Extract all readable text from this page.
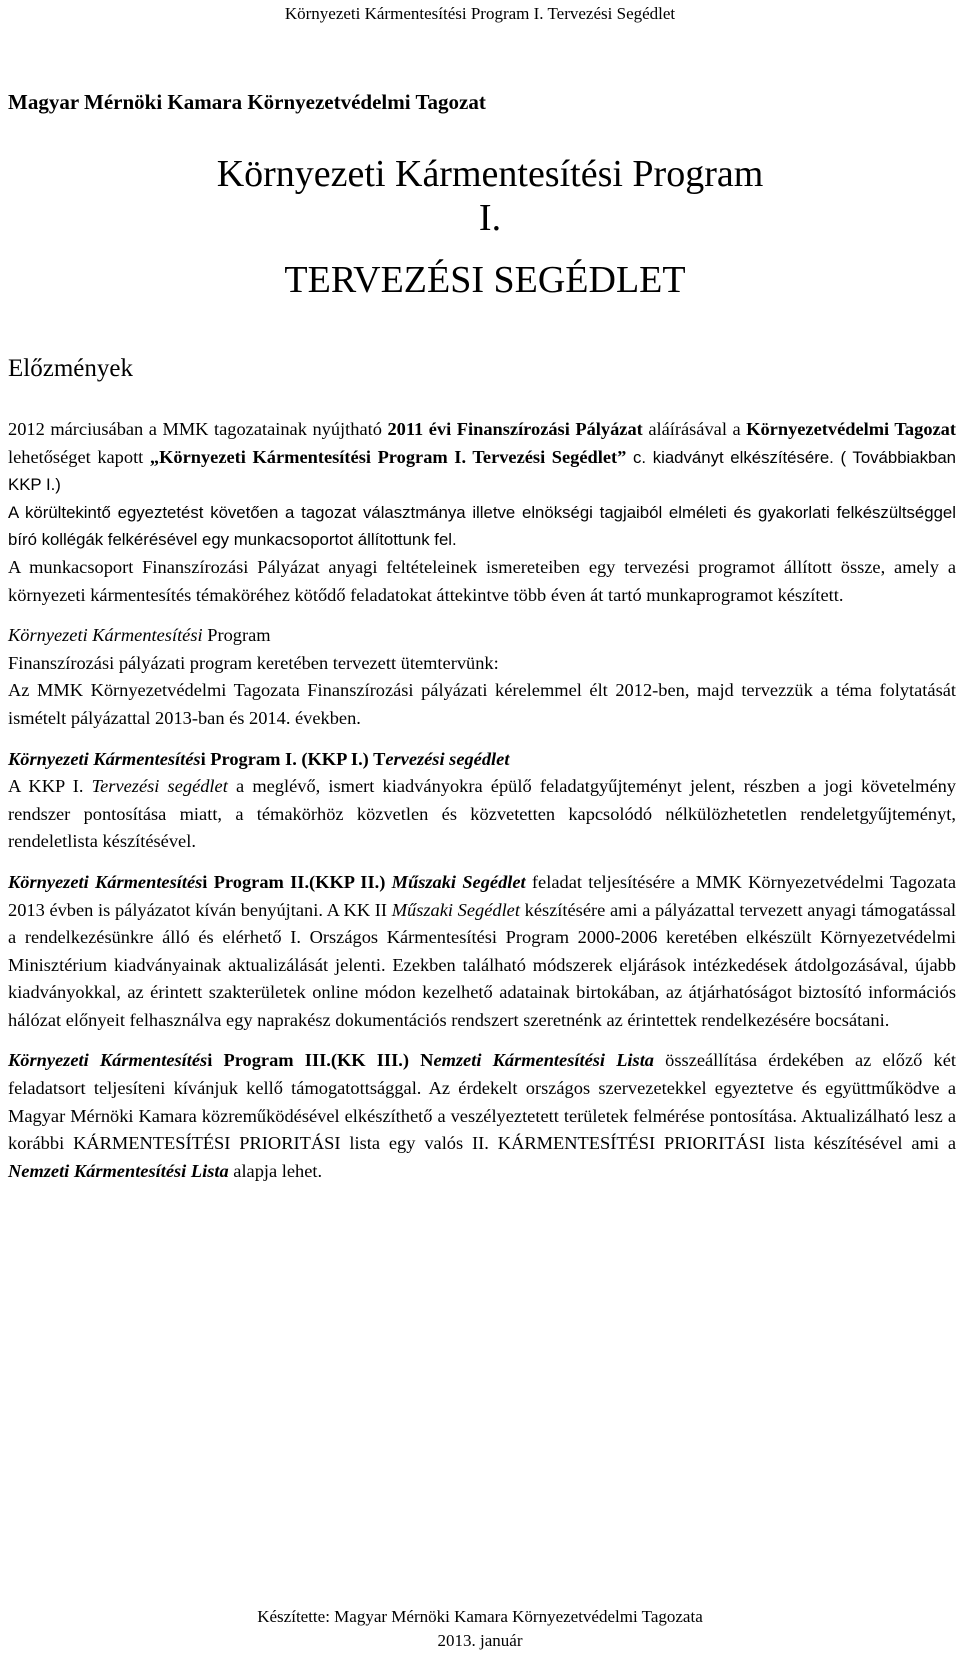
Környezeti Kármentesítési Program I. Tervezési Segédlet
Magyar Mérnöki Kamara Környezetvédelmi Tagozat
Környezeti Kármentesítési Program
I.
TERVEZÉSI SEGÉDLET
Előzmények

2012 márciusában a MMK tagozatainak nyújtható 2011 évi Finanszírozási Pályázat aláírásával a Környezetvédelmi Tagozat lehetőséget kapott „Környezeti Kármentesítési Program I. Tervezési Segédlet” c. kiadványt elkészítésére. ( Továbbiakban KKP I.)

A körültekintő egyeztetést követően a tagozat választmánya illetve elnökségi tagjaiból elméleti és gyakorlati felkészültséggel bíró kollégák felkérésével egy munkacsoportot állítottunk fel.

A munkacsoport Finanszírozási Pályázat anyagi feltételeinek ismereteiben egy tervezési programot állított össze, amely a környezeti kármentesítés témaköréhez kötődő feladatokat áttekintve több éven át tartó munkaprogramot készített.

Környezeti Kármentesítési Program

Finanszírozási pályázati program keretében tervezett ütemtervünk:

Az MMK Környezetvédelmi Tagozata Finanszírozási pályázati kérelemmel élt 2012-ben, majd tervezzük a téma folytatását ismételt pályázattal 2013-ban és 2014. években.

Környezeti Kármentesítési Program I. (KKP I.) Tervezési segédlet

A KKP I. Tervezési segédlet a meglévő, ismert kiadványokra épülő feladatgyűjteményt jelent, részben a jogi követelmény rendszer pontosítása miatt, a témakörhöz közvetlen és közvetetten kapcsolódó nélkülözhetetlen rendeletgyűjteményt, rendeletlista készítésével.

Környezeti Kármentesítési Program II.(KKP II.) Műszaki Segédlet feladat teljesítésére a MMK Környezetvédelmi Tagozata 2013 évben is pályázatot kíván benyújtani. A KK II Műszaki Segédlet készítésére ami a pályázattal tervezett anyagi támogatással a rendelkezésünkre álló és elérhető I. Országos Kármentesítési Program 2000-2006 keretében elkészült Környezetvédelmi Minisztérium kiadványainak aktualizálását jelenti. Ezekben található módszerek eljárások intézkedések átdolgozásával, újabb kiadványokkal, az érintett szakterületek online módon kezelhető adatainak birtokában, az átjárhatóságot biztosító információs hálózat előnyeit felhasználva egy naprakész dokumentációs rendszert szeretnénk az érintettek rendelkezésére bocsátani.

Környezeti Kármentesítési Program III.(KK III.) Nemzeti Kármentesítési Lista összeállítása érdekében az előző két feladatsort teljesíteni kívánjuk kellő támogatottsággal. Az érdekelt országos szervezetekkel egyeztetve és együttműködve a Magyar Mérnöki Kamara közreműködésével elkészíthető a veszélyeztetett területek felmérése pontosítása. Aktualizálható lesz a korábbi KÁRMENTESÍTÉSI PRIORITÁSI lista egy valós II. KÁRMENTESÍTÉSI PRIORITÁSI lista készítésével ami a Nemzeti Kármentesítési Lista alapja lehet.

Készítette: Magyar Mérnöki Kamara Környezetvédelmi Tagozata
2013. január
